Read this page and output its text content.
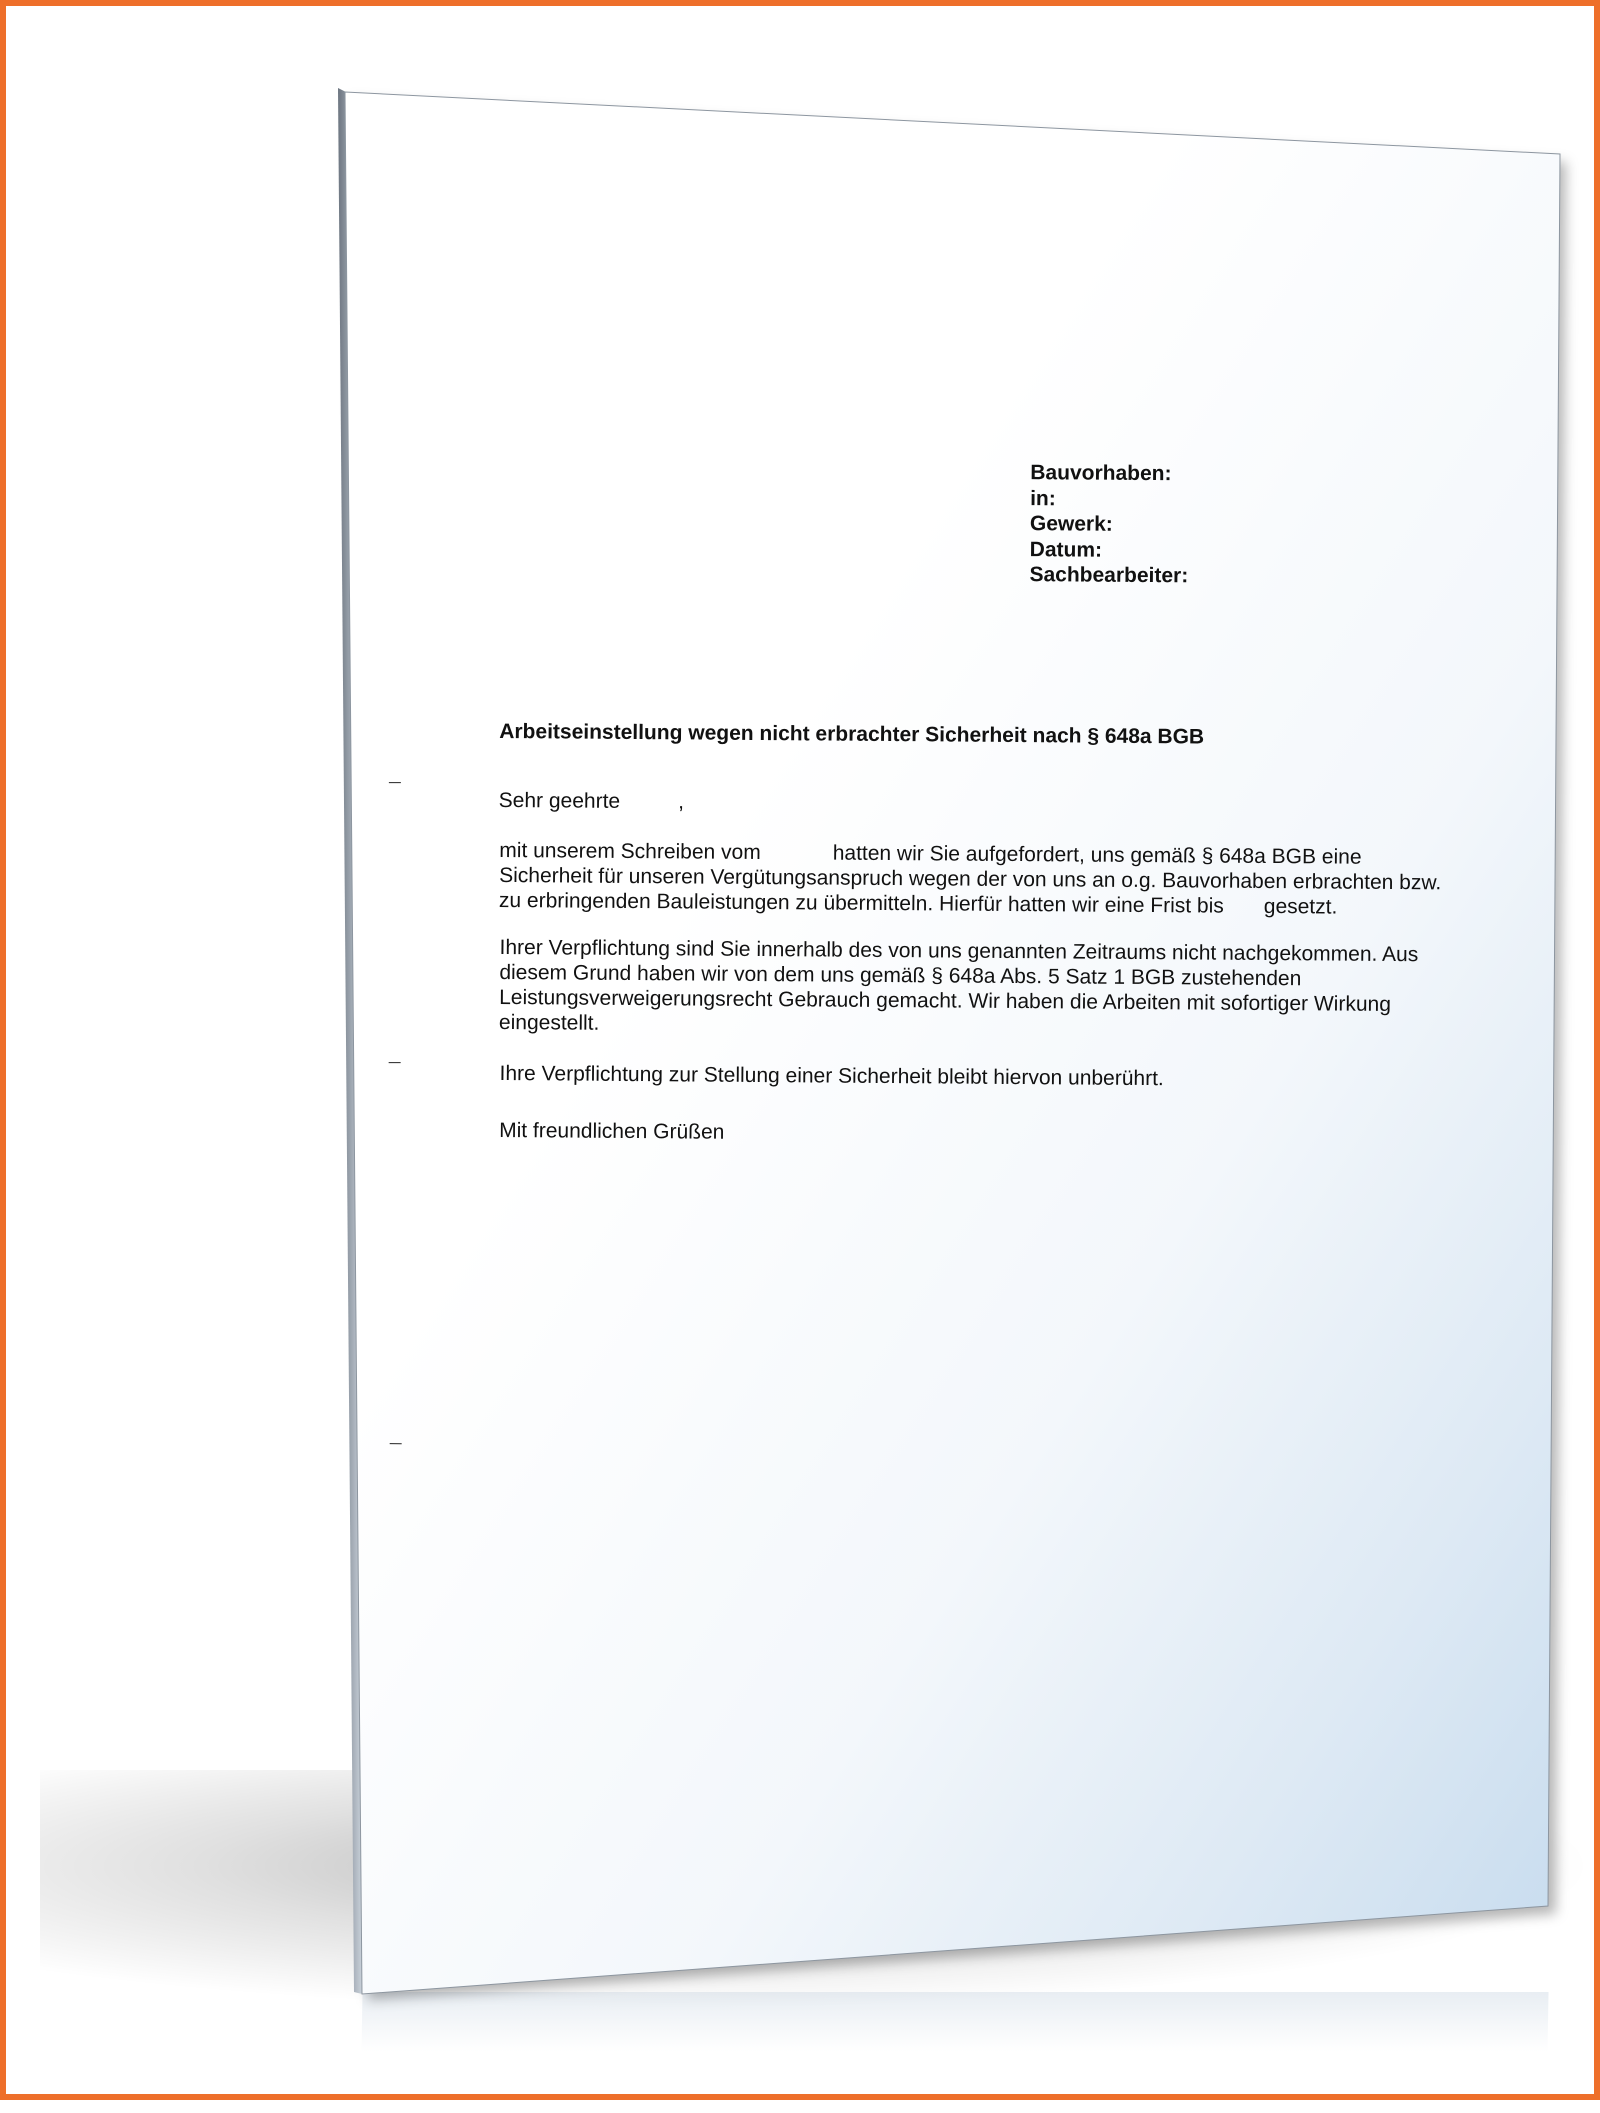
Bauvorhaben:
in:
Gewerk:
Datum:
Sachbearbeiter:
Arbeitseinstellung wegen nicht erbrachter Sicherheit nach § 648a BGB
Sehr geehrte	,
mit unserem Schreiben vom	hatten wir Sie aufgefordert, uns gemäß § 648a BGB eine
Sicherheit für unseren Vergütungsanspruch wegen der von uns an o.g. Bauvorhaben erbrachten bzw.
zu erbringenden Bauleistungen zu übermitteln. Hierfür hatten wir eine Frist bis gesetzt.
Ihrer Verpflichtung sind Sie innerhalb des von uns genannten Zeitraums nicht nachgekommen. Aus
diesem Grund haben wir von dem uns gemäß § 648a Abs. 5 Satz 1 BGB zustehenden
Leistungsverweigerungsrecht Gebrauch gemacht. Wir haben die Arbeiten mit sofortiger Wirkung
eingestellt.
Ihre Verpflichtung zur Stellung einer Sicherheit bleibt hiervon unberührt.
Mit freundlichen Grüßen
